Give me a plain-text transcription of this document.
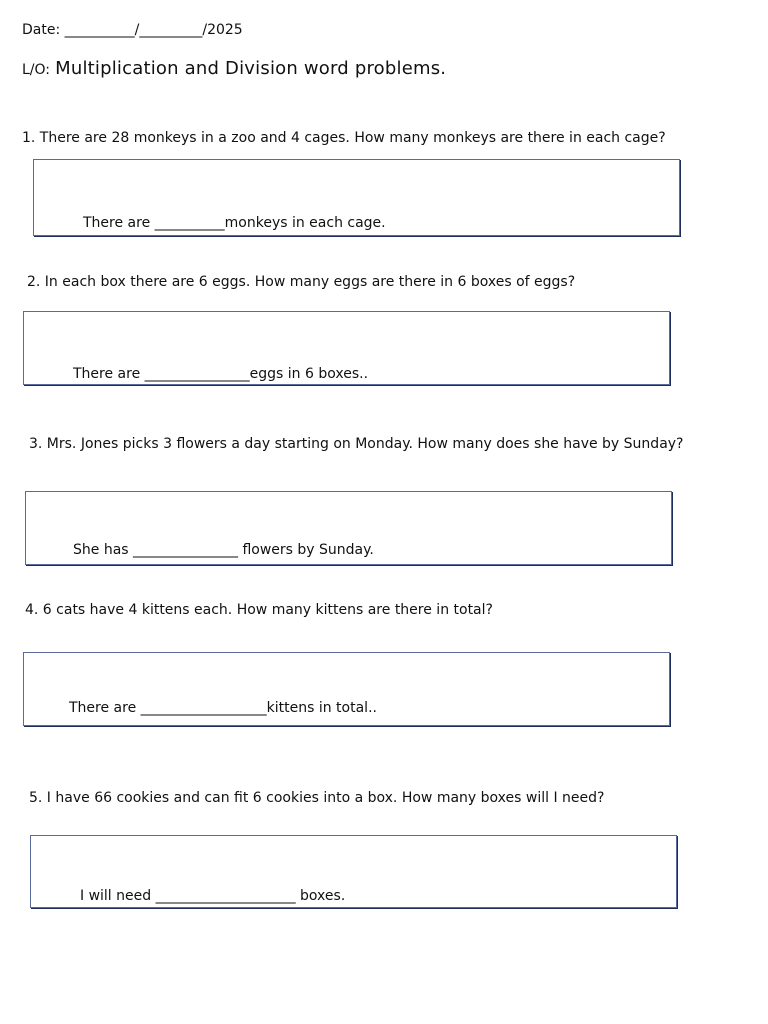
Date: __________/_________/2025
L/O: Multiplication and Division word problems.
1. There are 28 monkeys in a zoo and 4 cages. How many monkeys are there in each cage?
There are __________monkeys in each cage.
2. In each box there are 6 eggs. How many eggs are there in 6 boxes of eggs?
There are _______________eggs in 6 boxes..
3. Mrs. Jones picks 3 flowers a day starting on Monday. How many does she have by Sunday?
She has _______________ flowers by Sunday.
4. 6 cats have 4 kittens each. How many kittens are there in total?
There are __________________kittens in total..
5. I have 66 cookies and can fit 6 cookies into a box. How many boxes will I need?
I will need ____________________ boxes.
